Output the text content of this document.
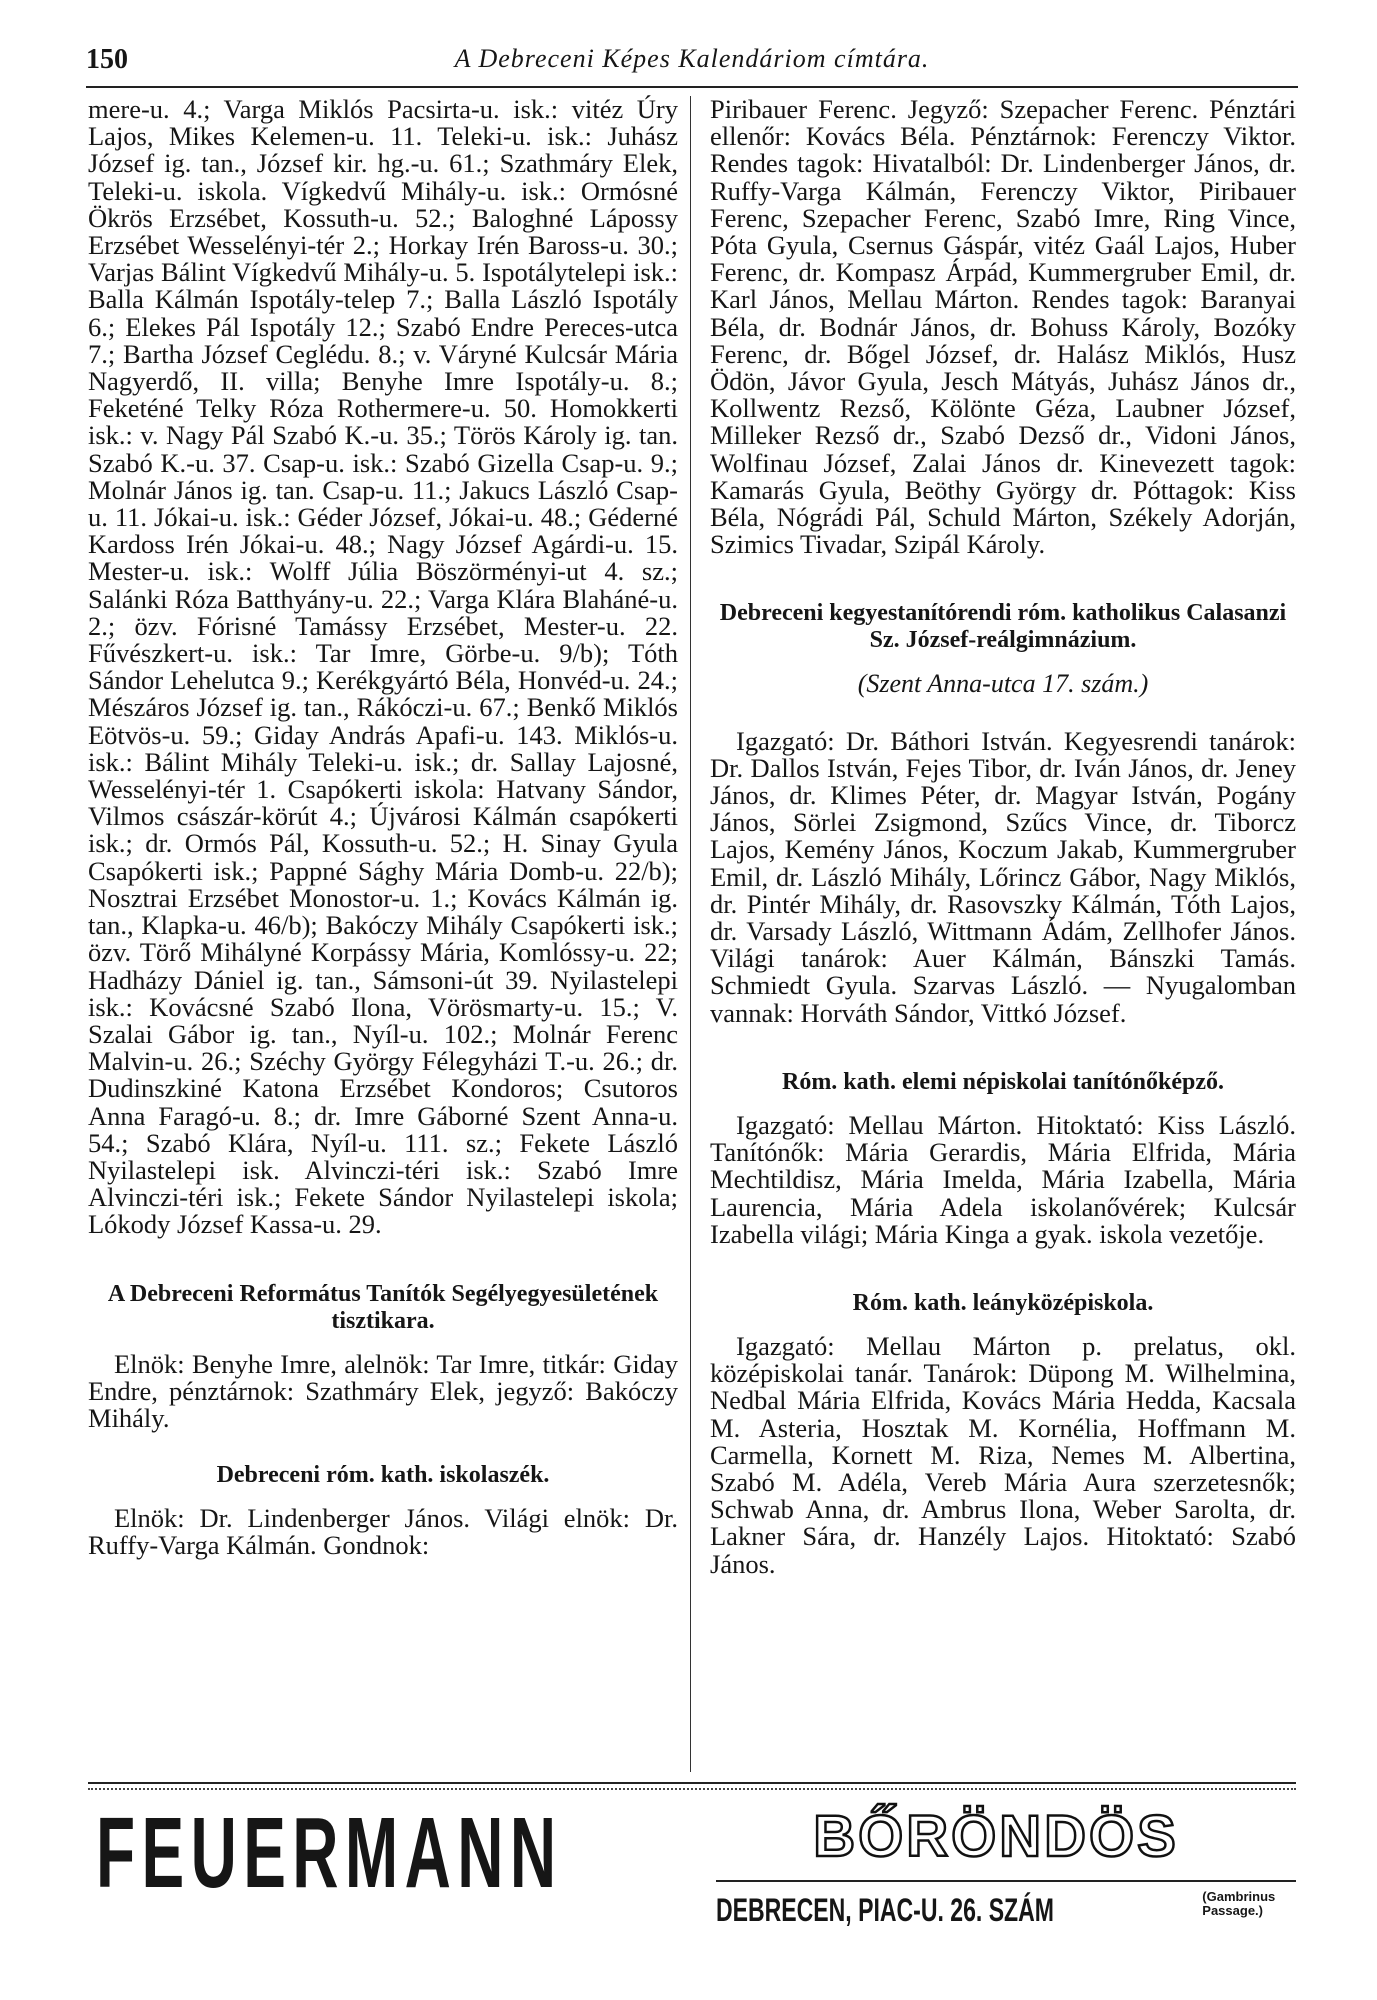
150	A Debreceni Képes Kalendáriom címtára.

mere-u. 4.; Varga Miklós Pacsirta-u. isk.: vitéz Úry Lajos, Mikes Kelemen-u. 11. Teleki-u. isk.: Juhász József ig. tan., József kir. hg.-u. 61.; Szathmáry Elek, Teleki-u. iskola. Vígkedvű Mihály-u. isk.: Ormósné Ökrös Erzsébet, Kossuth-u. 52.; Baloghné Lápossy Erzsébet Wesselényi-tér 2.; Horkay Irén Baross-u. 30.; Varjas Bálint Vígkedvű Mihály-u. 5. Ispotálytelepi isk.: Balla Kálmán Ispotály-telep 7.; Balla László Ispotály 6.; Elekes Pál Ispotály 12.; Szabó Endre Pereces-utca 7.; Bartha József Ceglédu. 8.; v. Váryné Kulcsár Mária Nagyerdő, II. villa; Benyhe Imre Ispotály-u. 8.; Feketéné Telky Róza Rothermere-u. 50. Homokkerti isk.: v. Nagy Pál Szabó K.-u. 35.; Törös Károly ig. tan. Szabó K.-u. 37. Csap-u. isk.: Szabó Gizella Csap-u. 9.; Molnár János ig. tan. Csap-u. 11.; Jakucs László Csap-u. 11. Jókai-u. isk.: Géder József, Jókai-u. 48.; Géderné Kardoss Irén Jókai-u. 48.; Nagy József Agárdi-u. 15. Mester-u. isk.: Wolff Júlia Böszörményi-ut 4. sz.; Salánki Róza Batthyány-u. 22.; Varga Klára Blaháné-u. 2.; özv. Fórisné Tamássy Erzsébet, Mester-u. 22. Fűvészkert-u. isk.: Tar Imre, Görbe-u. 9/b); Tóth Sándor Lehelutca 9.; Kerékgyártó Béla, Honvéd-u. 24.; Mészáros József ig. tan., Rákóczi-u. 67.; Benkő Miklós Eötvös-u. 59.; Giday András Apafi-u. 143. Miklós-u. isk.: Bálint Mihály Teleki-u. isk.; dr. Sallay Lajosné, Wesselényi-tér 1. Csapókerti iskola: Hatvany Sándor, Vilmos császár-körút 4.; Újvárosi Kálmán csapókerti isk.; dr. Ormós Pál, Kossuth-u. 52.; H. Sinay Gyula Csapókerti isk.; Pappné Sághy Mária Domb-u. 22/b); Nosztrai Erzsébet Monostor-u. 1.; Kovács Kálmán ig. tan., Klapka-u. 46/b); Bakóczy Mihály Csapókerti isk.; özv. Törő Mihályné Korpássy Mária, Komlóssy-u. 22; Hadházy Dániel ig. tan., Sámsoni-út 39. Nyilastelepi isk.: Kovácsné Szabó Ilona, Vörösmarty-u. 15.; V. Szalai Gábor ig. tan., Nyíl-u. 102.; Molnár Ferenc Malvin-u. 26.; Széchy György Félegyházi T.-u. 26.; dr. Dudinszkiné Katona Erzsébet Kondoros; Csutoros Anna Faragó-u. 8.; dr. Imre Gáborné Szent Anna-u. 54.; Szabó Klára, Nyíl-u. 111. sz.; Fekete László Nyilastelepi isk. Alvinczi-téri isk.: Szabó Imre Alvinczi-téri isk.; Fekete Sándor Nyilastelepi iskola; Lókody József Kassa-u. 29.

A Debreceni Református Tanítók Segélyegyesületének tisztikara.

Elnök: Benyhe Imre, alelnök: Tar Imre, titkár: Giday Endre, pénztárnok: Szathmáry Elek, jegyző: Bakóczy Mihály.

Debreceni róm. kath. iskolaszék.

Elnök: Dr. Lindenberger János. Világi elnök: Dr. Ruffy-Varga Kálmán. Gondnok:

Piribauer Ferenc. Jegyző: Szepacher Ferenc. Pénztári ellenőr: Kovács Béla. Pénztárnok: Ferenczy Viktor. Rendes tagok: Hivatalból: Dr. Lindenberger János, dr. Ruffy-Varga Kálmán, Ferenczy Viktor, Piribauer Ferenc, Szepacher Ferenc, Szabó Imre, Ring Vince, Póta Gyula, Csernus Gáspár, vitéz Gaál Lajos, Huber Ferenc, dr. Kompasz Árpád, Kummergruber Emil, dr. Karl János, Mellau Márton. Rendes tagok: Baranyai Béla, dr. Bodnár János, dr. Bohuss Károly, Bozóky Ferenc, dr. Bőgel József, dr. Halász Miklós, Husz Ödön, Jávor Gyula, Jesch Mátyás, Juhász János dr., Kollwentz Rezső, Kölönte Géza, Laubner József, Milleker Rezső dr., Szabó Dezső dr., Vidoni János, Wolfinau József, Zalai János dr. Kinevezett tagok: Kamarás Gyula, Beöthy György dr. Póttagok: Kiss Béla, Nógrádi Pál, Schuld Márton, Székely Adorján, Szimics Tivadar, Szipál Károly.

Debreceni kegyestanítórendi róm. katholikus Calasanzi Sz. József-reálgimnázium.
(Szent Anna-utca 17. szám.)

Igazgató: Dr. Báthori István. Kegyesrendi tanárok: Dr. Dallos István, Fejes Tibor, dr. Iván János, dr. Jeney János, dr. Klimes Péter, dr. Magyar István, Pogány János, Sörlei Zsigmond, Szűcs Vince, dr. Tiborcz Lajos, Kemény János, Koczum Jakab, Kummergruber Emil, dr. László Mihály, Lőrincz Gábor, Nagy Miklós, dr. Pintér Mihály, dr. Rasovszky Kálmán, Tóth Lajos, dr. Varsady László, Wittmann Ádám, Zellhofer János. Világi tanárok: Auer Kálmán, Bánszki Tamás. Schmiedt Gyula. Szarvas László. — Nyugalomban vannak: Horváth Sándor, Vittkó József.

Róm. kath. elemi népiskolai tanítónőképző.

Igazgató: Mellau Márton. Hitoktató: Kiss László. Tanítónők: Mária Gerardis, Mária Elfrida, Mária Mechtildisz, Mária Imelda, Mária Izabella, Mária Laurencia, Mária Adela iskolanővérek; Kulcsár Izabella világi; Mária Kinga a gyak. iskola vezetője.

Róm. kath. leányközépiskola.

Igazgató: Mellau Márton p. prelatus, okl. középiskolai tanár. Tanárok: Düpong M. Wilhelmina, Nedbal Mária Elfrida, Kovács Mária Hedda, Kacsala M. Asteria, Hosztak M. Kornélia, Hoffmann M. Carmella, Kornett M. Riza, Nemes M. Albertina, Szabó M. Adéla, Vereb Mária Aura szerzetesnők; Schwab Anna, dr. Ambrus Ilona, Weber Sarolta, dr. Lakner Sára, dr. Hanzély Lajos. Hitoktató: Szabó János.

FEUERMANN	BŐRÖNDÖS
DEBRECEN, PIAC-U. 26. SZÁM	(Gambrinus
Passage.)
